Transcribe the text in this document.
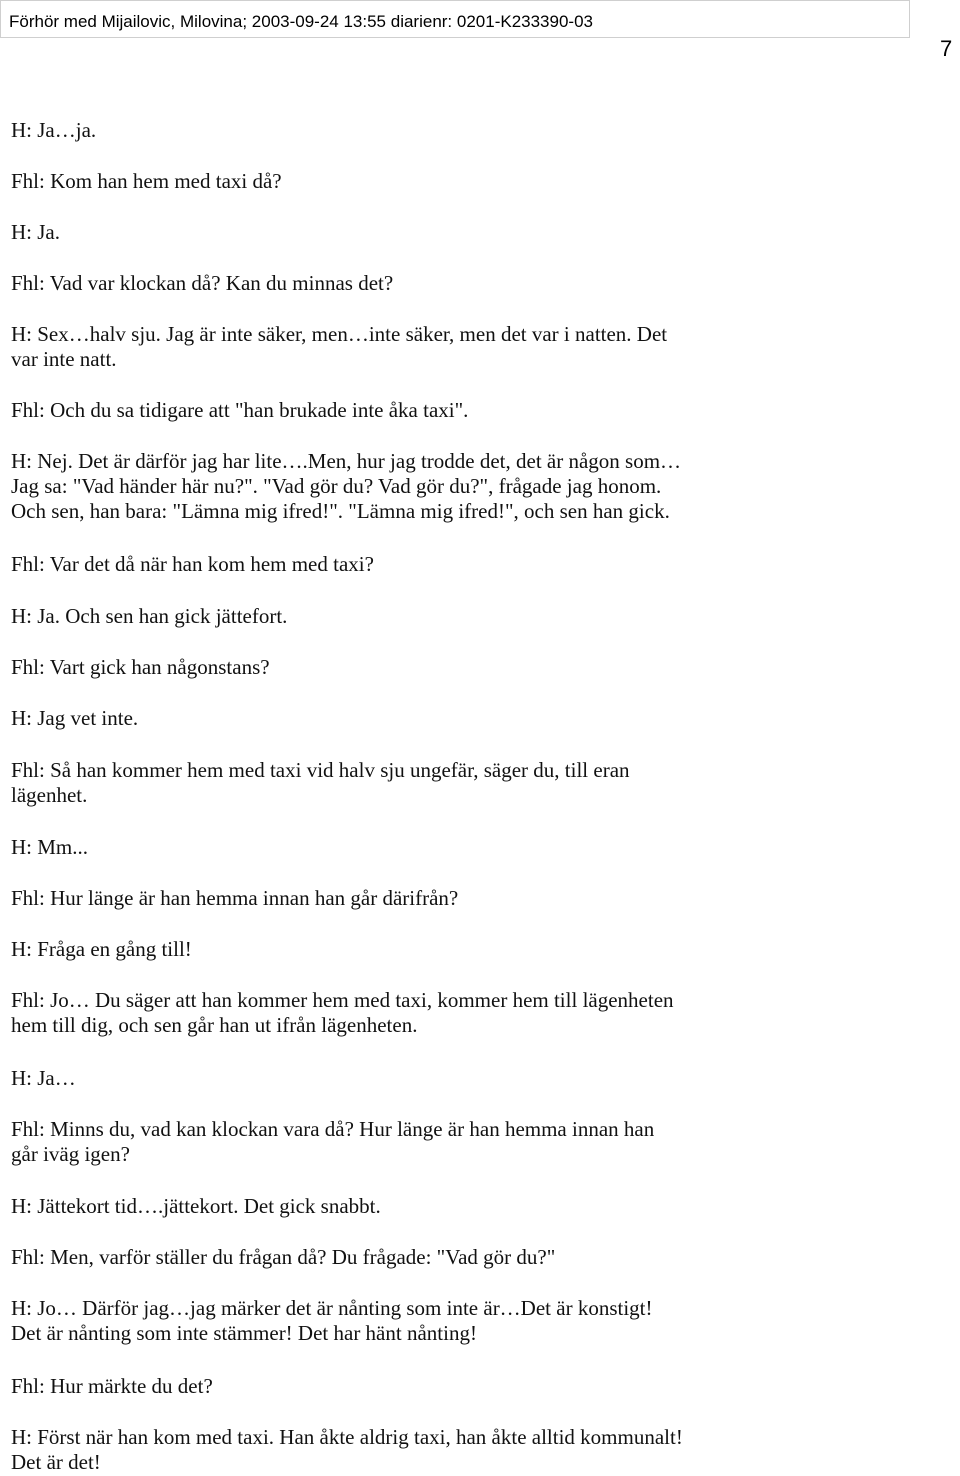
Förhör med Mijailovic, Milovina; 2003-09-24 13:55 diarienr: 0201-K233390-03
7
H: Ja…ja.
Fhl: Kom han hem med taxi då?
H: Ja.
Fhl: Vad var klockan då? Kan du minnas det?
H: Sex…halv sju. Jag är inte säker, men…inte säker, men det var i natten. Det
var inte natt.
Fhl: Och du sa tidigare att "han brukade inte åka taxi".
H: Nej. Det är därför jag har lite….Men, hur jag trodde det, det är någon som…
Jag sa: "Vad händer här nu?". "Vad gör du? Vad gör du?", frågade jag honom.
Och sen, han bara: "Lämna mig ifred!". "Lämna mig ifred!", och sen han gick.
Fhl: Var det då när han kom hem med taxi?
H: Ja. Och sen han gick jättefort.
Fhl: Vart gick han någonstans?
H: Jag vet inte.
Fhl: Så han kommer hem med taxi vid halv sju ungefär, säger du, till eran
lägenhet.
H: Mm...
Fhl: Hur länge är han hemma innan han går därifrån?
H: Fråga en gång till!
Fhl: Jo… Du säger att han kommer hem med taxi, kommer hem till lägenheten
hem till dig, och sen går han ut ifrån lägenheten.
H: Ja…
Fhl: Minns du, vad kan klockan vara då? Hur länge är han hemma innan han
går iväg igen?
H: Jättekort tid….jättekort. Det gick snabbt.
Fhl: Men, varför ställer du frågan då? Du frågade: "Vad gör du?"
H: Jo… Därför jag…jag märker det är nånting som inte är…Det är konstigt!
Det är nånting som inte stämmer! Det har hänt nånting!
Fhl: Hur märkte du det?
H: Först när han kom med taxi. Han åkte aldrig taxi, han åkte alltid kommunalt!
Det är det!
